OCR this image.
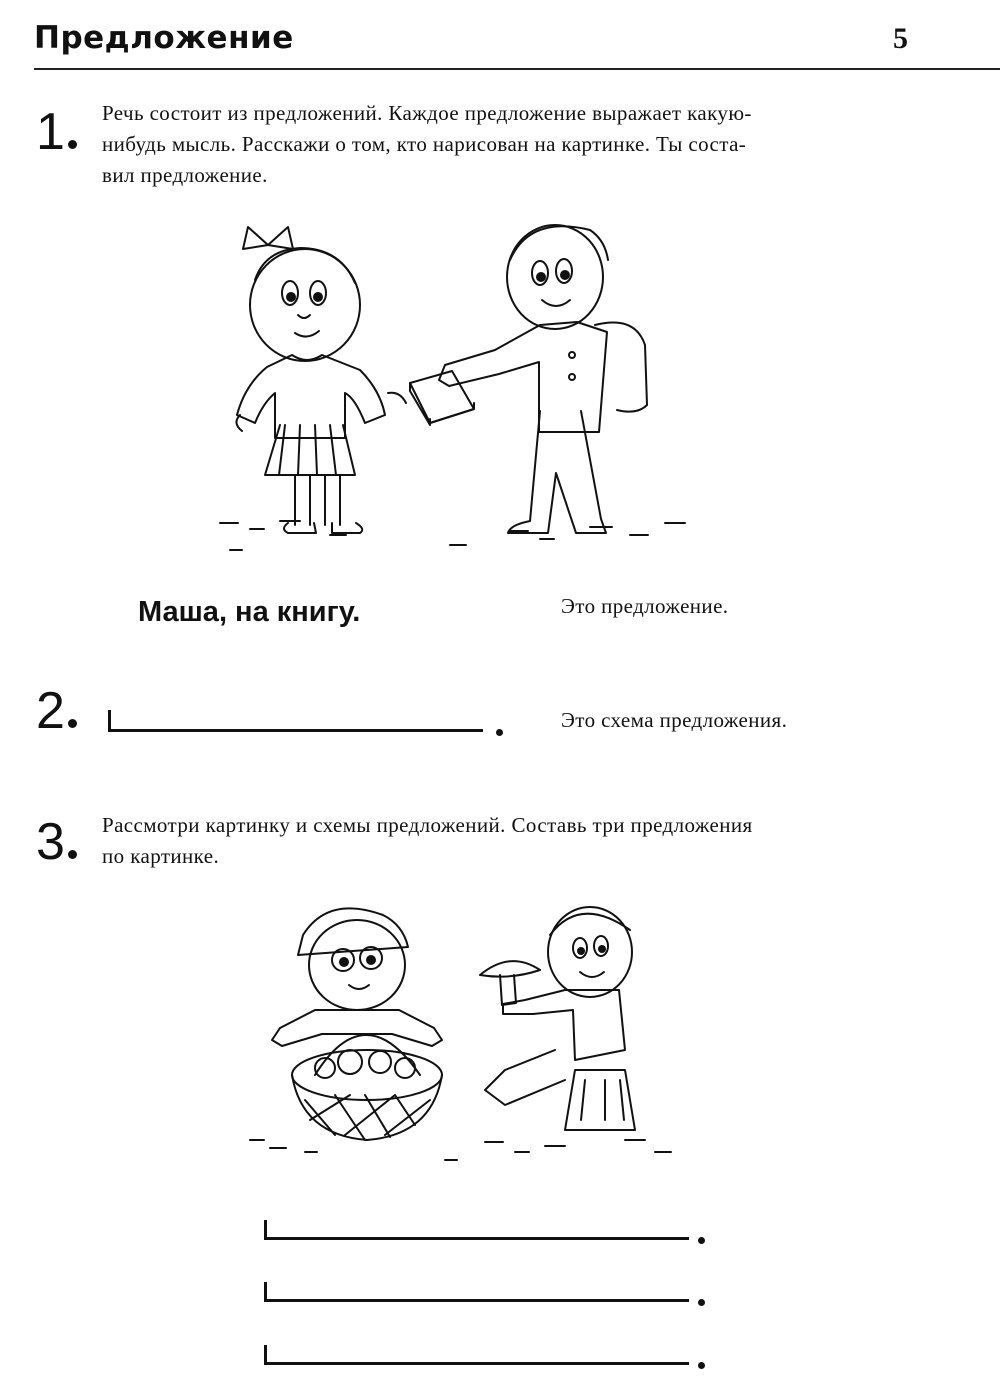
Предложение	5
1	Речь состоит из предложений. Каждое предложение выражает какую-
нибудь мысль. Расскажи о том, кто нарисован на картинке. Ты соста-
вил предложение.
Маша, на книгу.	Это предложение.
2	Это схема предложения.
3	Рассмотри картинку и схемы предложений. Составь три предложения
по картинке.
